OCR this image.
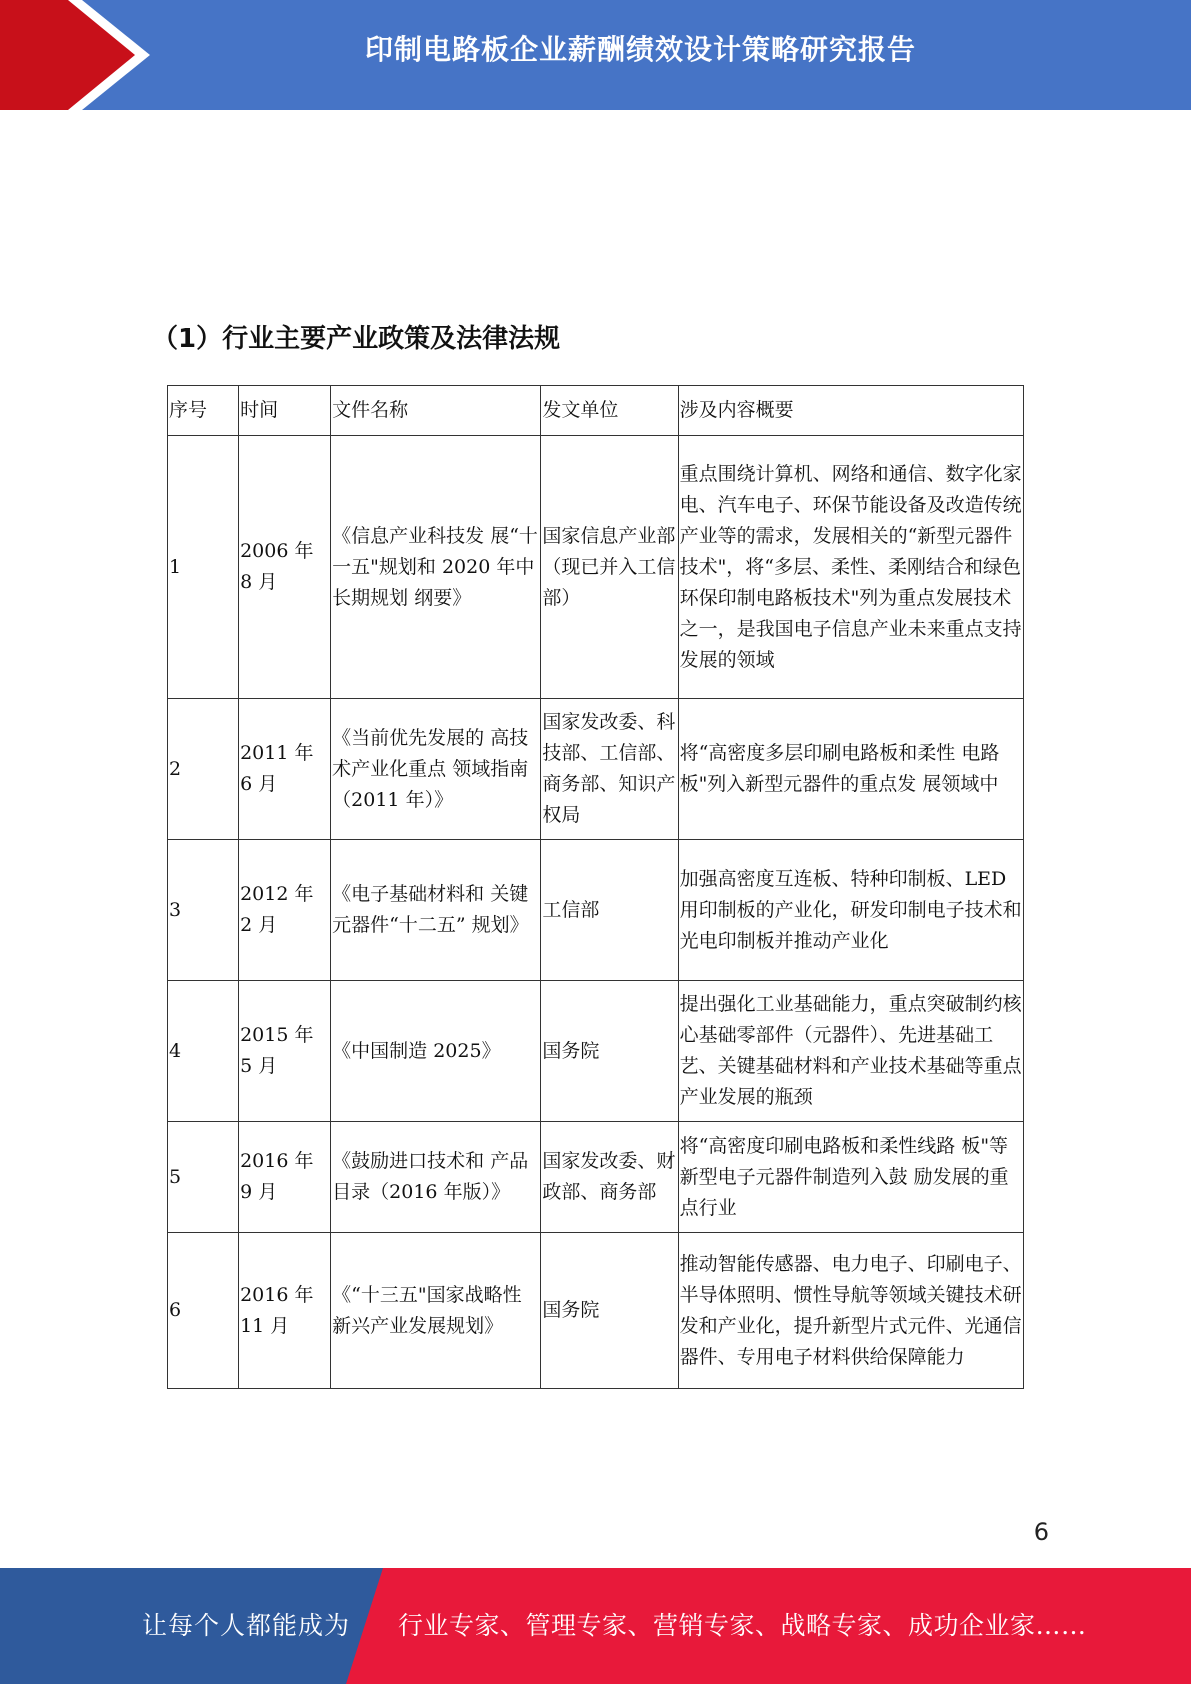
印制电路板企业薪酬绩效设计策略研究报告
（1）行业主要产业政策及法律法规
序号	时间	文件名称	发文单位	涉及内容概要
1	2006 年 8 月	《信息产业科技发 展“十一五"规划和 2020 年中长期规划 纲要》	国家信息产业部（现已并入工信部）	重点围绕计算机、网络和通信、数字化家电、汽车电子、环保节能设备及改造传统产业等的需求，发展相关的“新型元器件技术"，将“多层、柔性、柔刚结合和绿色环保印制电路板技术"列为重点发展技术 之一，是我国电子信息产业未来重点支持发展的领域
2	2011 年 6 月	《当前优先发展的 高技术产业化重点 领域指南（2011 年）》	国家发改委、科技部、工信部、商务部、知识产权局	将“高密度多层印刷电路板和柔性 电路板"列入新型元器件的重点发 展领域中
3	2012 年 2 月	《电子基础材料和 关键元器件“十二五” 规划》	工信部	加强高密度互连板、特种印制板、LED 用印制板的产业化，研发印制电子技术和光电印制板并推动产业化
4	2015 年 5 月	《中国制造 2025》	国务院	提出强化工业基础能力，重点突破制约核心基础零部件（元器件）、先进基础工艺、关键基础材料和产业技术基础等重点产业发展的瓶颈
5	2016 年 9 月	《鼓励进口技术和 产品目录（2016 年版）》	国家发改委、财政部、商务部	将“高密度印刷电路板和柔性线路 板"等新型电子元器件制造列入鼓 励发展的重点行业
6	2016 年 11 月	《“十三五"国家战略性新兴产业发展规划》	国务院	推动智能传感器、电力电子、印刷电子、半导体照明、惯性导航等领域关键技术研发和产业化，提升新型片式元件、光通信器件、专用电子材料供给保障能力
6
让每个人都能成为 行业专家、管理专家、营销专家、战略专家、成功企业家……
